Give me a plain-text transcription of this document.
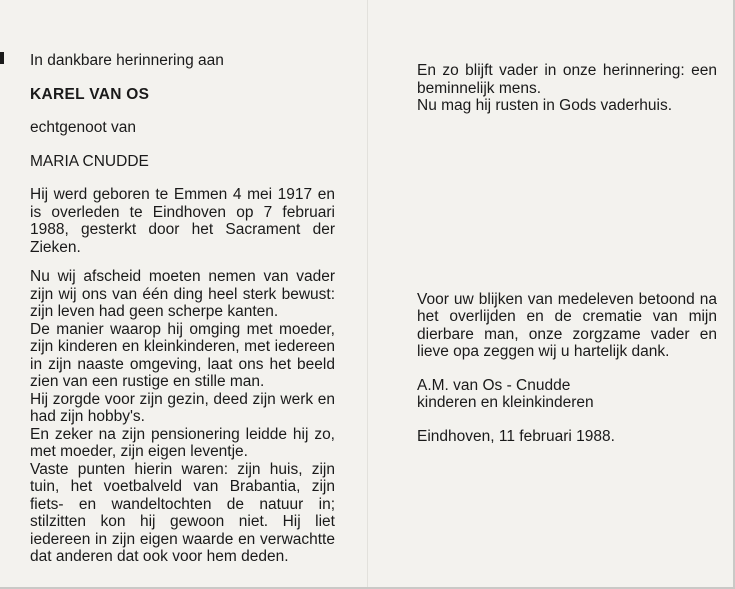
In dankbare herinnering aan

KAREL VAN OS

echtgenoot van

MARIA CNUDDE

Hij werd geboren te Emmen 4 mei 1917 en is overleden te Eindhoven op 7 februari 1988, gesterkt door het Sacrament der Zieken.

Nu wij afscheid moeten nemen van vader zijn wij ons van één ding heel sterk bewust: zijn leven had geen scherpe kanten.

De manier waarop hij omging met moeder, zijn kinderen en kleinkinderen, met iedereen in zijn naaste omgeving, laat ons het beeld zien van een rustige en stille man.

Hij zorgde voor zijn gezin, deed zijn werk en had zijn hobby's.

En zeker na zijn pensionering leidde hij zo, met moeder, zijn eigen leventje.

Vaste punten hierin waren: zijn huis, zijn tuin, het voetbalveld van Brabantia, zijn fiets- en wandeltochten de natuur in; stilzitten kon hij gewoon niet. Hij liet iedereen in zijn eigen waarde en verwachtte dat anderen dat ook voor hem deden.

En zo blijft vader in onze herinnering: een beminnelijk mens.

Nu mag hij rusten in Gods vaderhuis.

Voor uw blijken van medeleven betoond na het overlijden en de crematie van mijn dierbare man, onze zorgzame vader en lieve opa zeggen wij u hartelijk dank.

A.M. van Os - Cnudde

kinderen en kleinkinderen

Eindhoven, 11 februari 1988.
